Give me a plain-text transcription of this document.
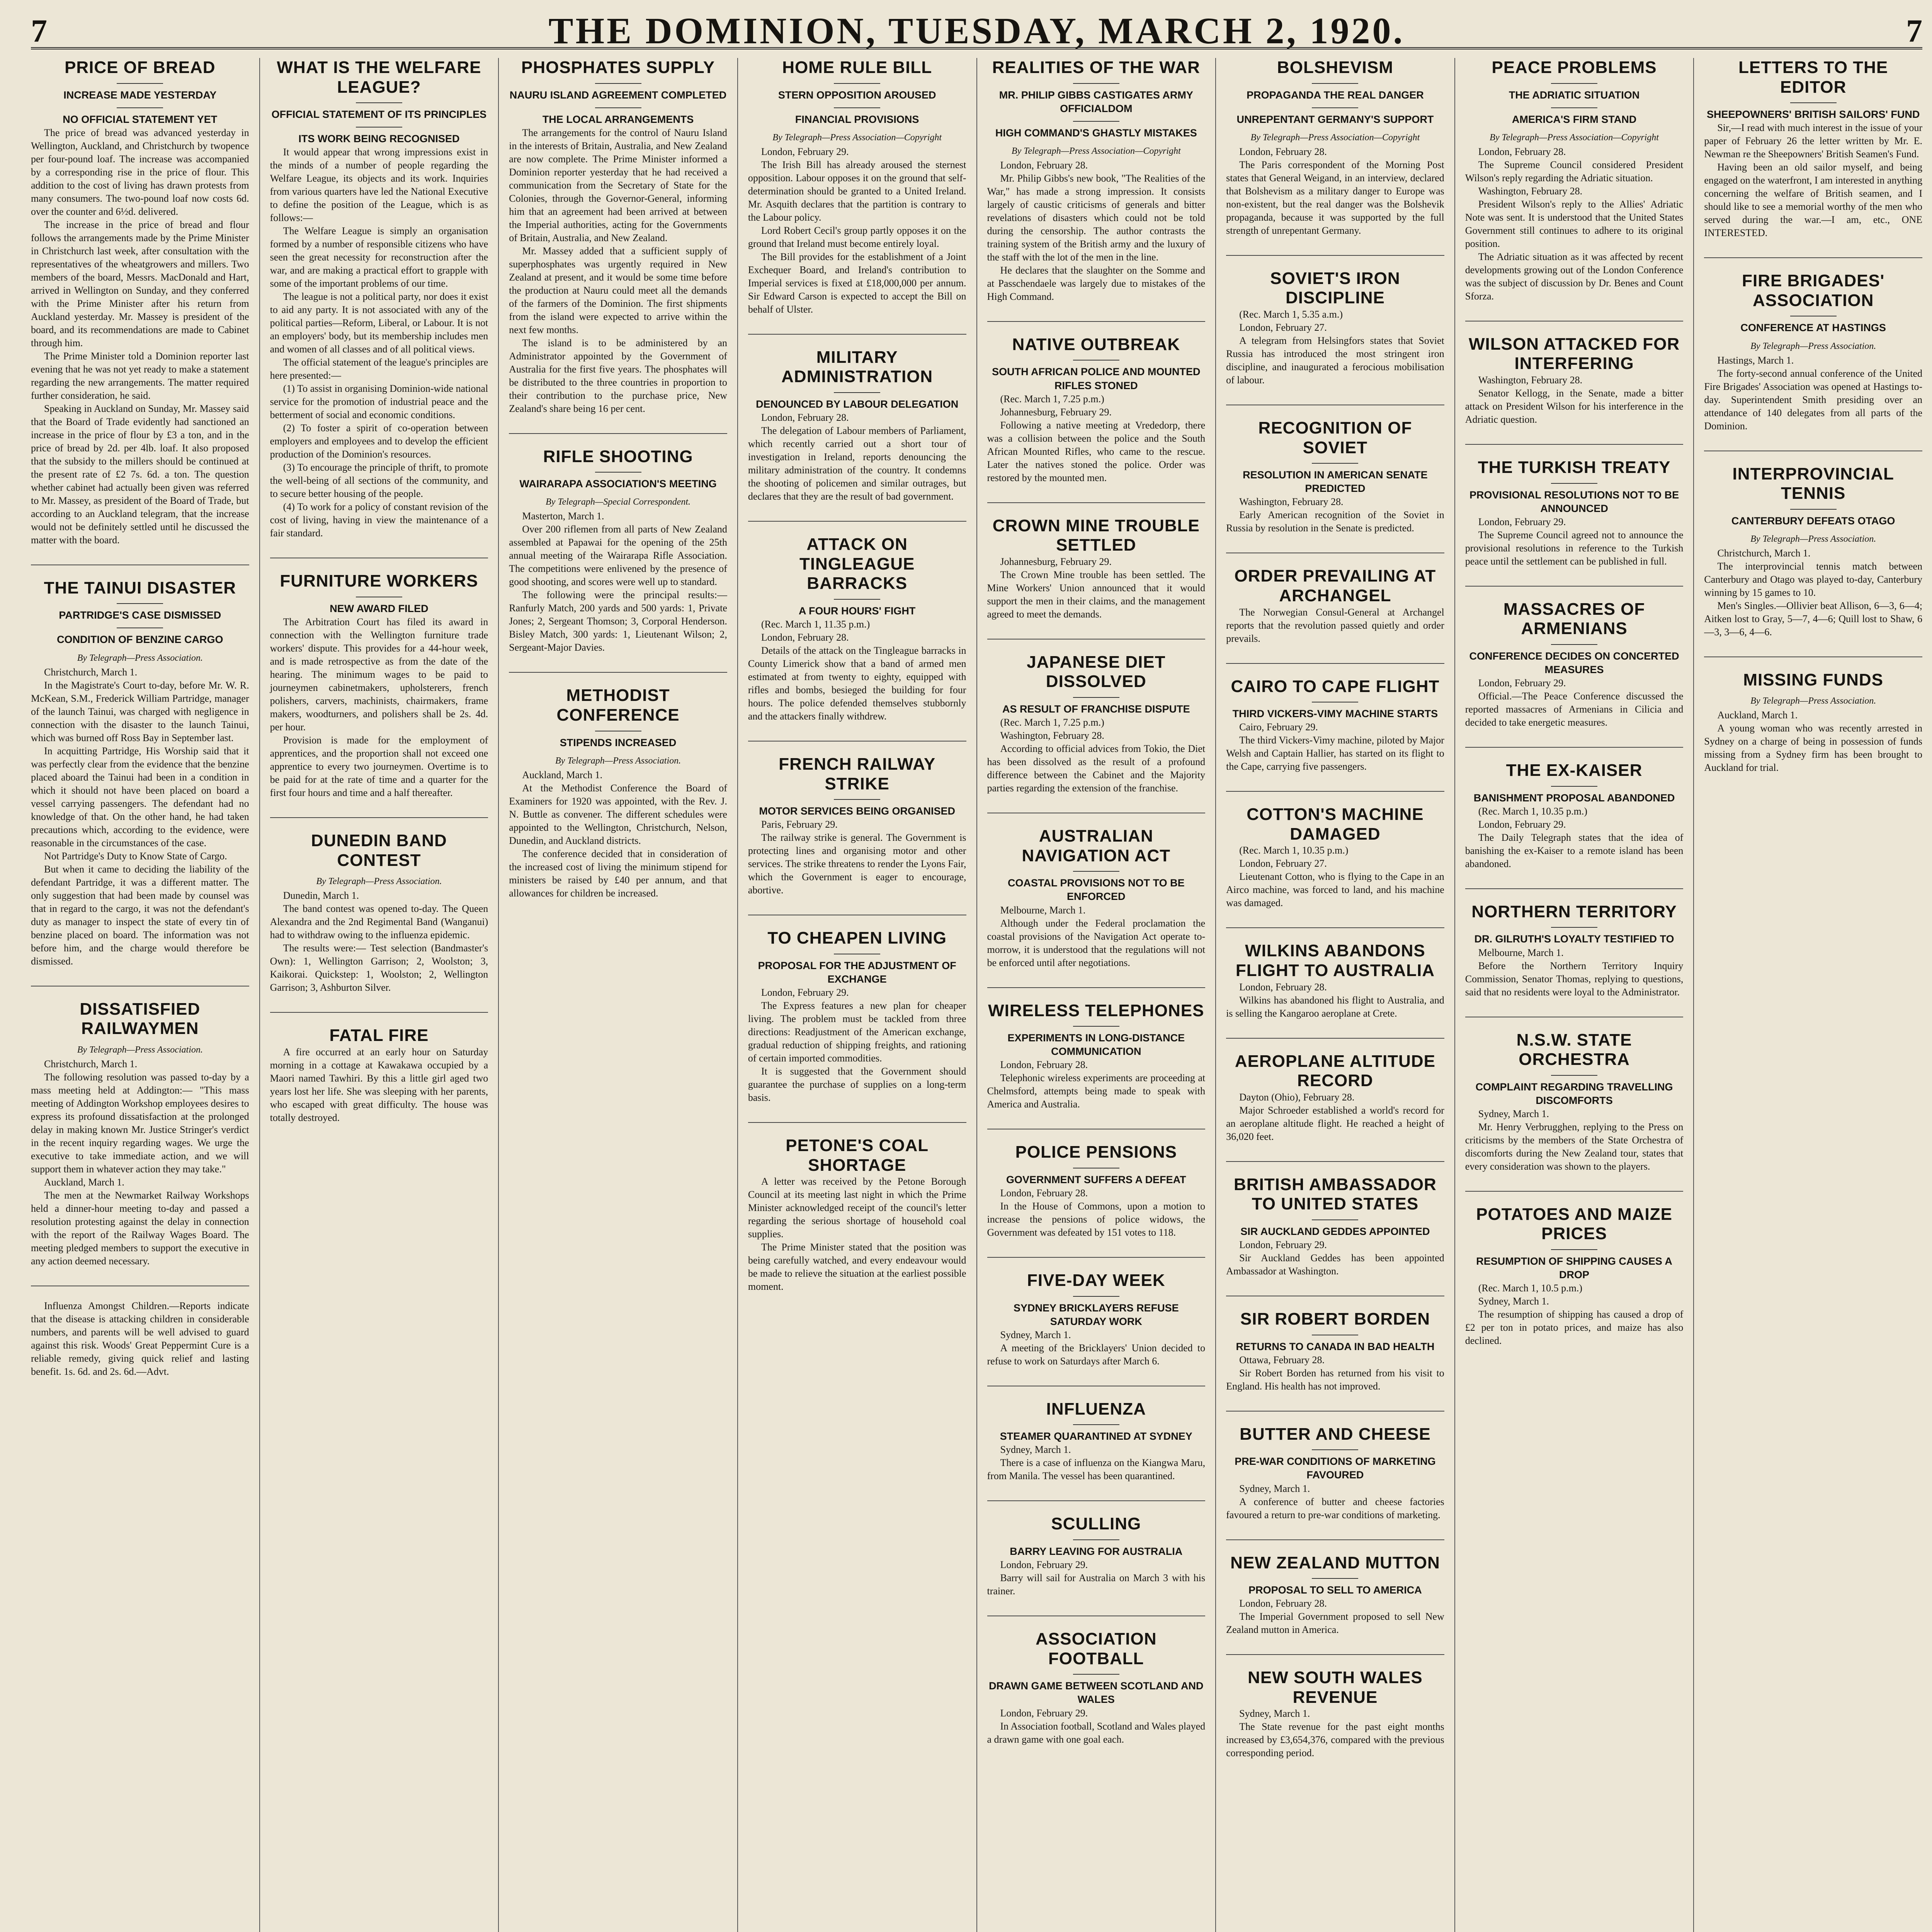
7	THE DOMINION, TUESDAY, MARCH 2, 1920.	7
PRICE OF BREAD
INCREASE MADE YESTERDAY
NO OFFICIAL STATEMENT YET

The price of bread was advanced yesterday in Wellington, Auckland, and Christchurch by twopence per four-pound loaf. The increase was accompanied by a corresponding rise in the price of flour. This addition to the cost of living has drawn protests from many consumers. The two-pound loaf now costs 6d. over the counter and 6½d. delivered.

The increase in the price of bread and flour follows the arrangements made by the Prime Minister in Christchurch last week, after consultation with the representatives of the wheatgrowers and millers. Two members of the board, Messrs. MacDonald and Hart, arrived in Wellington on Sunday, and they conferred with the Prime Minister after his return from Auckland yesterday. Mr. Massey is president of the board, and its recommendations are made to Cabinet through him.

The Prime Minister told a Dominion reporter last evening that he was not yet ready to make a statement regarding the new arrangements. The matter required further consideration, he said.

Speaking in Auckland on Sunday, Mr. Massey said that the Board of Trade evidently had sanctioned an increase in the price of flour by £3 a ton, and in the price of bread by 2d. per 4lb. loaf. It also proposed that the subsidy to the millers should be continued at the present rate of £2 7s. 6d. a ton. The question whether cabinet had actually been given was referred to Mr. Massey, as president of the Board of Trade, but according to an Auckland telegram, that the increase would not be definitely settled until he discussed the matter with the board.

THE TAINUI DISASTER
PARTRIDGE'S CASE DISMISSED
CONDITION OF BENZINE CARGO
By Telegraph—Press Association.

Christchurch, March 1.

In the Magistrate's Court to-day, before Mr. W. R. McKean, S.M., Frederick William Partridge, manager of the launch Tainui, was charged with negligence in connection with the disaster to the launch Tainui, which was burned off Ross Bay in September last.

In acquitting Partridge, His Worship said that it was perfectly clear from the evidence that the benzine placed aboard the Tainui had been in a condition in which it should not have been placed on board a vessel carrying passengers. The defendant had no knowledge of that. On the other hand, he had taken precautions which, according to the evidence, were reasonable in the circumstances of the case.

Not Partridge's Duty to Know State of Cargo.

But when it came to deciding the liability of the defendant Partridge, it was a different matter. The only suggestion that had been made by counsel was that in regard to the cargo, it was not the defendant's duty as manager to inspect the state of every tin of benzine placed on board. The information was not before him, and the charge would therefore be dismissed.

DISSATISFIED RAILWAYMEN
By Telegraph—Press Association.

Christchurch, March 1.

The following resolution was passed to-day by a mass meeting held at Addington:— "This mass meeting of Addington Workshop employees desires to express its profound dissatisfaction at the prolonged delay in making known Mr. Justice Stringer's verdict in the recent inquiry regarding wages. We urge the executive to take immediate action, and we will support them in whatever action they may take."

Auckland, March 1.

The men at the Newmarket Railway Workshops held a dinner-hour meeting to-day and passed a resolution protesting against the delay in connection with the report of the Railway Wages Board. The meeting pledged members to support the executive in any action deemed necessary.

Influenza Amongst Children.—Reports indicate that the disease is attacking children in considerable numbers, and parents will be well advised to guard against this risk. Woods' Great Peppermint Cure is a reliable remedy, giving quick relief and lasting benefit. 1s. 6d. and 2s. 6d.—Advt.

WHAT IS THE WELFARE LEAGUE?
OFFICIAL STATEMENT OF ITS PRINCIPLES
ITS WORK BEING RECOGNISED

It would appear that wrong impressions exist in the minds of a number of people regarding the Welfare League, its objects and its work. Inquiries from various quarters have led the National Executive to define the position of the League, which is as follows:—

The Welfare League is simply an organisation formed by a number of responsible citizens who have seen the great necessity for reconstruction after the war, and are making a practical effort to grapple with some of the important problems of our time.

The league is not a political party, nor does it exist to aid any party. It is not associated with any of the political parties—Reform, Liberal, or Labour. It is not an employers' body, but its membership includes men and women of all classes and of all political views.

The official statement of the league's principles are here presented:—

(1) To assist in organising Dominion-wide national service for the promotion of industrial peace and the betterment of social and economic conditions.

(2) To foster a spirit of co-operation between employers and employees and to develop the efficient production of the Dominion's resources.

(3) To encourage the principle of thrift, to promote the well-being of all sections of the community, and to secure better housing of the people.

(4) To work for a policy of constant revision of the cost of living, having in view the maintenance of a fair standard.

FURNITURE WORKERS
NEW AWARD FILED

The Arbitration Court has filed its award in connection with the Wellington furniture trade workers' dispute. This provides for a 44-hour week, and is made retrospective as from the date of the hearing. The minimum wages to be paid to journeymen cabinetmakers, upholsterers, french polishers, carvers, machinists, chairmakers, frame makers, woodturners, and polishers shall be 2s. 4d. per hour.

Provision is made for the employment of apprentices, and the proportion shall not exceed one apprentice to every two journeymen. Overtime is to be paid for at the rate of time and a quarter for the first four hours and time and a half thereafter.

DUNEDIN BAND CONTEST
By Telegraph—Press Association.

Dunedin, March 1.

The band contest was opened to-day. The Queen Alexandra and the 2nd Regimental Band (Wanganui) had to withdraw owing to the influenza epidemic.

The results were:— Test selection (Bandmaster's Own): 1, Wellington Garrison; 2, Woolston; 3, Kaikorai. Quickstep: 1, Woolston; 2, Wellington Garrison; 3, Ashburton Silver.

FATAL FIRE

A fire occurred at an early hour on Saturday morning in a cottage at Kawakawa occupied by a Maori named Tawhiri. By this a little girl aged two years lost her life. She was sleeping with her parents, who escaped with great difficulty. The house was totally destroyed.

PHOSPHATES SUPPLY
NAURU ISLAND AGREEMENT COMPLETED
THE LOCAL ARRANGEMENTS

The arrangements for the control of Nauru Island in the interests of Britain, Australia, and New Zealand are now complete. The Prime Minister informed a Dominion reporter yesterday that he had received a communication from the Secretary of State for the Colonies, through the Governor-General, informing him that an agreement had been arrived at between the Imperial authorities, acting for the Governments of Britain, Australia, and New Zealand.

Mr. Massey added that a sufficient supply of superphosphates was urgently required in New Zealand at present, and it would be some time before the production at Nauru could meet all the demands of the farmers of the Dominion. The first shipments from the island were expected to arrive within the next few months.

The island is to be administered by an Administrator appointed by the Government of Australia for the first five years. The phosphates will be distributed to the three countries in proportion to their contribution to the purchase price, New Zealand's share being 16 per cent.

RIFLE SHOOTING
WAIRARAPA ASSOCIATION'S MEETING
By Telegraph—Special Correspondent.

Masterton, March 1.

Over 200 riflemen from all parts of New Zealand assembled at Papawai for the opening of the 25th annual meeting of the Wairarapa Rifle Association. The competitions were enlivened by the presence of good shooting, and scores were well up to standard.

The following were the principal results:— Ranfurly Match, 200 yards and 500 yards: 1, Private Jones; 2, Sergeant Thomson; 3, Corporal Henderson. Bisley Match, 300 yards: 1, Lieutenant Wilson; 2, Sergeant-Major Davies.

METHODIST CONFERENCE
STIPENDS INCREASED
By Telegraph—Press Association.

Auckland, March 1.

At the Methodist Conference the Board of Examiners for 1920 was appointed, with the Rev. J. N. Buttle as convener. The different schedules were appointed to the Wellington, Christchurch, Nelson, Dunedin, and Auckland districts.

The conference decided that in consideration of the increased cost of living the minimum stipend for ministers be raised by £40 per annum, and that allowances for children be increased.

HOME RULE BILL
STERN OPPOSITION AROUSED
FINANCIAL PROVISIONS
By Telegraph—Press Association—Copyright

London, February 29.

The Irish Bill has already aroused the sternest opposition. Labour opposes it on the ground that self-determination should be granted to a United Ireland. Mr. Asquith declares that the partition is contrary to the Labour policy.

Lord Robert Cecil's group partly opposes it on the ground that Ireland must become entirely loyal.

The Bill provides for the establishment of a Joint Exchequer Board, and Ireland's contribution to Imperial services is fixed at £18,000,000 per annum. Sir Edward Carson is expected to accept the Bill on behalf of Ulster.

MILITARY ADMINISTRATION
DENOUNCED BY LABOUR DELEGATION

London, February 28.

The delegation of Labour members of Parliament, which recently carried out a short tour of investigation in Ireland, reports denouncing the military administration of the country. It condemns the shooting of policemen and similar outrages, but declares that they are the result of bad government.

ATTACK ON TINGLEAGUE BARRACKS
A FOUR HOURS' FIGHT

(Rec. March 1, 11.35 p.m.)

London, February 28.

Details of the attack on the Tingleague barracks in County Limerick show that a band of armed men estimated at from twenty to eighty, equipped with rifles and bombs, besieged the building for four hours. The police defended themselves stubbornly and the attackers finally withdrew.

FRENCH RAILWAY STRIKE
MOTOR SERVICES BEING ORGANISED

Paris, February 29.

The railway strike is general. The Government is protecting lines and organising motor and other services. The strike threatens to render the Lyons Fair, which the Government is eager to encourage, abortive.

TO CHEAPEN LIVING
PROPOSAL FOR THE ADJUSTMENT OF EXCHANGE

London, February 29.

The Express features a new plan for cheaper living. The problem must be tackled from three directions: Readjustment of the American exchange, gradual reduction of shipping freights, and rationing of certain imported commodities.

It is suggested that the Government should guarantee the purchase of supplies on a long-term basis.

PETONE'S COAL SHORTAGE

A letter was received by the Petone Borough Council at its meeting last night in which the Prime Minister acknowledged receipt of the council's letter regarding the serious shortage of household coal supplies.

The Prime Minister stated that the position was being carefully watched, and every endeavour would be made to relieve the situation at the earliest possible moment.

REALITIES OF THE WAR
MR. PHILIP GIBBS CASTIGATES ARMY OFFICIALDOM
HIGH COMMAND'S GHASTLY MISTAKES
By Telegraph—Press Association—Copyright

London, February 28.

Mr. Philip Gibbs's new book, "The Realities of the War," has made a strong impression. It consists largely of caustic criticisms of generals and bitter revelations of disasters which could not be told during the censorship. The author contrasts the training system of the British army and the luxury of the staff with the lot of the men in the line.

He declares that the slaughter on the Somme and at Passchendaele was largely due to mistakes of the High Command.

NATIVE OUTBREAK
SOUTH AFRICAN POLICE AND MOUNTED RIFLES STONED

(Rec. March 1, 7.25 p.m.)

Johannesburg, February 29.

Following a native meeting at Vrededorp, there was a collision between the police and the South African Mounted Rifles, who came to the rescue. Later the natives stoned the police. Order was restored by the mounted men.

CROWN MINE TROUBLE SETTLED

Johannesburg, February 29.

The Crown Mine trouble has been settled. The Mine Workers' Union announced that it would support the men in their claims, and the management agreed to meet the demands.

JAPANESE DIET DISSOLVED
AS RESULT OF FRANCHISE DISPUTE

(Rec. March 1, 7.25 p.m.)

Washington, February 28.

According to official advices from Tokio, the Diet has been dissolved as the result of a profound difference between the Cabinet and the Majority parties regarding the extension of the franchise.

AUSTRALIAN NAVIGATION ACT
COASTAL PROVISIONS NOT TO BE ENFORCED

Melbourne, March 1.

Although under the Federal proclamation the coastal provisions of the Navigation Act operate to-morrow, it is understood that the regulations will not be enforced until after negotiations.

WIRELESS TELEPHONES
EXPERIMENTS IN LONG-DISTANCE COMMUNICATION

London, February 28.

Telephonic wireless experiments are proceeding at Chelmsford, attempts being made to speak with America and Australia.

POLICE PENSIONS
GOVERNMENT SUFFERS A DEFEAT

London, February 28.

In the House of Commons, upon a motion to increase the pensions of police widows, the Government was defeated by 151 votes to 118.

FIVE-DAY WEEK
SYDNEY BRICKLAYERS REFUSE SATURDAY WORK

Sydney, March 1.

A meeting of the Bricklayers' Union decided to refuse to work on Saturdays after March 6.

INFLUENZA
STEAMER QUARANTINED AT SYDNEY

Sydney, March 1.

There is a case of influenza on the Kiangwa Maru, from Manila. The vessel has been quarantined.

SCULLING
BARRY LEAVING FOR AUSTRALIA

London, February 29.

Barry will sail for Australia on March 3 with his trainer.

ASSOCIATION FOOTBALL
DRAWN GAME BETWEEN SCOTLAND AND WALES

London, February 29.

In Association football, Scotland and Wales played a drawn game with one goal each.

BOLSHEVISM
PROPAGANDA THE REAL DANGER
UNREPENTANT GERMANY'S SUPPORT
By Telegraph—Press Association—Copyright

London, February 28.

The Paris correspondent of the Morning Post states that General Weigand, in an interview, declared that Bolshevism as a military danger to Europe was non-existent, but the real danger was the Bolshevik propaganda, because it was supported by the full strength of unrepentant Germany.

SOVIET'S IRON DISCIPLINE

(Rec. March 1, 5.35 a.m.)

London, February 27.

A telegram from Helsingfors states that Soviet Russia has introduced the most stringent iron discipline, and inaugurated a ferocious mobilisation of labour.

RECOGNITION OF SOVIET
RESOLUTION IN AMERICAN SENATE PREDICTED

Washington, February 28.

Early American recognition of the Soviet in Russia by resolution in the Senate is predicted.

ORDER PREVAILING AT ARCHANGEL

The Norwegian Consul-General at Archangel reports that the revolution passed quietly and order prevails.

CAIRO TO CAPE FLIGHT
THIRD VICKERS-VIMY MACHINE STARTS

Cairo, February 29.

The third Vickers-Vimy machine, piloted by Major Welsh and Captain Hallier, has started on its flight to the Cape, carrying five passengers.

COTTON'S MACHINE DAMAGED

(Rec. March 1, 10.35 p.m.)

London, February 27.

Lieutenant Cotton, who is flying to the Cape in an Airco machine, was forced to land, and his machine was damaged.

WILKINS ABANDONS FLIGHT TO AUSTRALIA

London, February 28.

Wilkins has abandoned his flight to Australia, and is selling the Kangaroo aeroplane at Crete.

AEROPLANE ALTITUDE RECORD

Dayton (Ohio), February 28.

Major Schroeder established a world's record for an aeroplane altitude flight. He reached a height of 36,020 feet.

BRITISH AMBASSADOR TO UNITED STATES
SIR AUCKLAND GEDDES APPOINTED

London, February 29.

Sir Auckland Geddes has been appointed Ambassador at Washington.

SIR ROBERT BORDEN
RETURNS TO CANADA IN BAD HEALTH

Ottawa, February 28.

Sir Robert Borden has returned from his visit to England. His health has not improved.

BUTTER AND CHEESE
PRE-WAR CONDITIONS OF MARKETING FAVOURED

Sydney, March 1.

A conference of butter and cheese factories favoured a return to pre-war conditions of marketing.

NEW ZEALAND MUTTON
PROPOSAL TO SELL TO AMERICA

London, February 28.

The Imperial Government proposed to sell New Zealand mutton in America.

NEW SOUTH WALES REVENUE

Sydney, March 1.

The State revenue for the past eight months increased by £3,654,376, compared with the previous corresponding period.

PEACE PROBLEMS
THE ADRIATIC SITUATION
AMERICA'S FIRM STAND
By Telegraph—Press Association—Copyright

London, February 28.

The Supreme Council considered President Wilson's reply regarding the Adriatic situation.

Washington, February 28.

President Wilson's reply to the Allies' Adriatic Note was sent. It is understood that the United States Government still continues to adhere to its original position.

The Adriatic situation as it was affected by recent developments growing out of the London Conference was the subject of discussion by Dr. Benes and Count Sforza.

WILSON ATTACKED FOR INTERFERING

Washington, February 28.

Senator Kellogg, in the Senate, made a bitter attack on President Wilson for his interference in the Adriatic question.

THE TURKISH TREATY
PROVISIONAL RESOLUTIONS NOT TO BE ANNOUNCED

London, February 29.

The Supreme Council agreed not to announce the provisional resolutions in reference to the Turkish peace until the settlement can be published in full.

MASSACRES OF ARMENIANS
CONFERENCE DECIDES ON CONCERTED MEASURES

London, February 29.

Official.—The Peace Conference discussed the reported massacres of Armenians in Cilicia and decided to take energetic measures.

THE EX-KAISER
BANISHMENT PROPOSAL ABANDONED

(Rec. March 1, 10.35 p.m.)

London, February 29.

The Daily Telegraph states that the idea of banishing the ex-Kaiser to a remote island has been abandoned.

NORTHERN TERRITORY
DR. GILRUTH'S LOYALTY TESTIFIED TO

Melbourne, March 1.

Before the Northern Territory Inquiry Commission, Senator Thomas, replying to questions, said that no residents were loyal to the Administrator.

N.S.W. STATE ORCHESTRA
COMPLAINT REGARDING TRAVELLING DISCOMFORTS

Sydney, March 1.

Mr. Henry Verbrugghen, replying to the Press on criticisms by the members of the State Orchestra of discomforts during the New Zealand tour, states that every consideration was shown to the players.

POTATOES AND MAIZE PRICES
RESUMPTION OF SHIPPING CAUSES A DROP

(Rec. March 1, 10.5 p.m.)

Sydney, March 1.

The resumption of shipping has caused a drop of £2 per ton in potato prices, and maize has also declined.

LETTERS TO THE EDITOR
SHEEPOWNERS' BRITISH SAILORS' FUND

Sir,—I read with much interest in the issue of your paper of February 26 the letter written by Mr. E. Newman re the Sheepowners' British Seamen's Fund.

Having been an old sailor myself, and being engaged on the waterfront, I am interested in anything concerning the welfare of British seamen, and I should like to see a memorial worthy of the men who served during the war.—I am, etc., ONE INTERESTED.

FIRE BRIGADES' ASSOCIATION
CONFERENCE AT HASTINGS
By Telegraph—Press Association.

Hastings, March 1.

The forty-second annual conference of the United Fire Brigades' Association was opened at Hastings to-day. Superintendent Smith presiding over an attendance of 140 delegates from all parts of the Dominion.

INTERPROVINCIAL TENNIS
CANTERBURY DEFEATS OTAGO
By Telegraph—Press Association.

Christchurch, March 1.

The interprovincial tennis match between Canterbury and Otago was played to-day, Canterbury winning by 15 games to 10.

Men's Singles.—Ollivier beat Allison, 6—3, 6—4; Aitken lost to Gray, 5—7, 4—6; Quill lost to Shaw, 6—3, 3—6, 4—6.

MISSING FUNDS
By Telegraph—Press Association.

Auckland, March 1.

A young woman who was recently arrested in Sydney on a charge of being in possession of funds missing from a Sydney firm has been brought to Auckland for trial.
